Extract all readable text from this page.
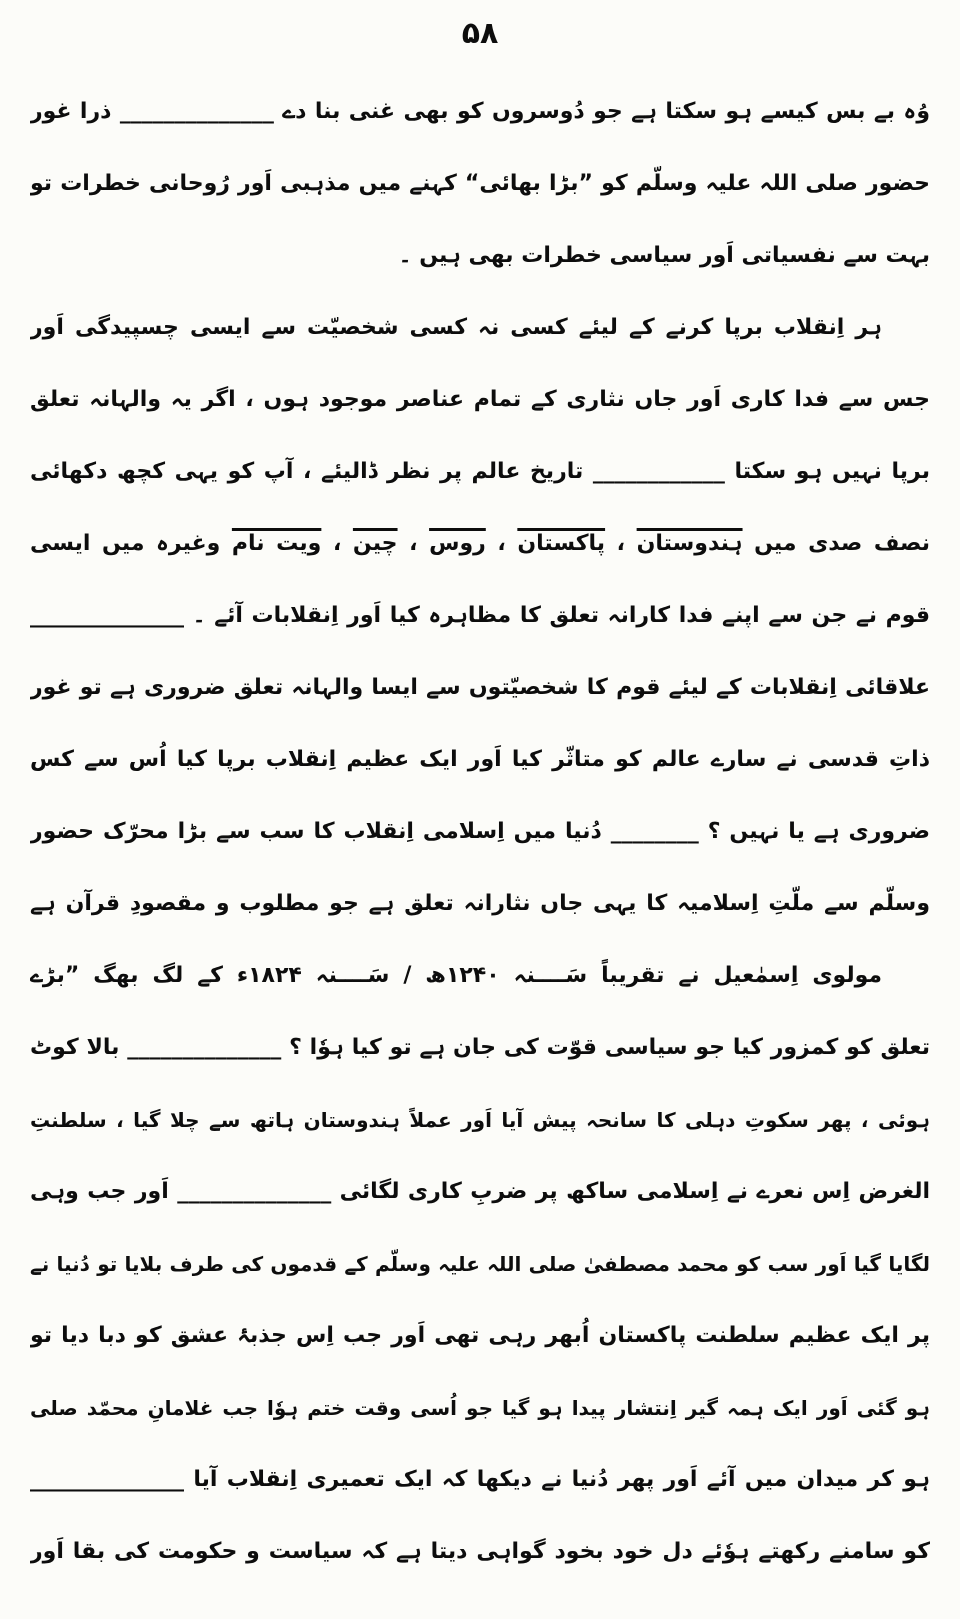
۵۸
وُہ بے بس کیسے ہو سکتا ہے جو دُوسروں کو بھی غنی بنا دے ______________ ذرا غور
حضور صلی اللہ علیہ وسلّم کو ”بڑا بھائی“ کہنے میں مذہبی اَور رُوحانی خطرات تو
بہت سے نفسیاتی اَور سیاسی خطرات بھی ہیں ۔
ہر اِنقلاب برپا کرنے کے لیئے کسی نہ کسی شخصیّت سے ایسی چسپیدگی اَور
جس سے فدا کاری اَور جاں نثاری کے تمام عناصر موجود ہوں ، اگر یہ والہانہ تعلق
برپا نہیں ہو سکتا ____________ تاریخ عالم پر نظر ڈالیئے ، آپ کو یہی کچھ دکھائی
نصف صدی میں ہندوستان ، پاکستان ، روس ، چین ، ویت نام وغیرہ میں ایسی
قوم نے جن سے اپنے فدا کارانہ تعلق کا مظاہرہ کیا اَور اِنقلابات آئے ۔ ______________
علاقائی اِنقلابات کے لیئے قوم کا شخصیّتوں سے ایسا والہانہ تعلق ضروری ہے تو غور
ذاتِ قدسی نے سارے عالم کو متاثّر کیا اَور ایک عظیم اِنقلاب برپا کیا اُس سے کس
ضروری ہے یا نہیں ؟ ________ دُنیا میں اِسلامی اِنقلاب کا سب سے بڑا محرّک حضور
وسلّم سے ملّتِ اِسلامیہ کا یہی جاں نثارانہ تعلق ہے جو مطلوب و مقصودِ قرآن ہے
مولوی اِسمٰعیل نے تقریباً سَــــنہ ۱۲۴۰ھ / سَــــنہ ۱۸۲۴ء کے لگ بھگ ”بڑے
تعلق کو کمزور کیا جو سیاسی قوّت کی جان ہے تو کیا ہوٗا ؟ ______________ بالا کوٹ
ہوئی ، پھر سکوتِ دہلی کا سانحہ پیش آیا اَور عملاً ہندوستان ہاتھ سے چلا گیا ، سلطنتِ
الغرض اِس نعرے نے اِسلامی ساکھ پر ضربِ کاری لگائی ______________ اَور جب وہی
لگایا گیا اَور سب کو محمد مصطفیٰ صلی اللہ علیہ وسلّم کے قدموں کی طرف بلایا تو دُنیا نے
پر ایک عظیم سلطنت پاکستان اُبھر رہی تھی اَور جب اِس جذبۂ عشق کو دبا دیا تو
ہو گئی اَور ایک ہمہ گیر اِنتشار پیدا ہو گیا جو اُسی وقت ختم ہوٗا جب غلامانِ محمّد صلی
ہو کر میدان میں آئے اَور پھر دُنیا نے دیکھا کہ ایک تعمیری اِنقلاب آیا ______________
کو سامنے رکھتے ہوٗئے دل خود بخود گواہی دیتا ہے کہ سیاست و حکومت کی بقا اَور
